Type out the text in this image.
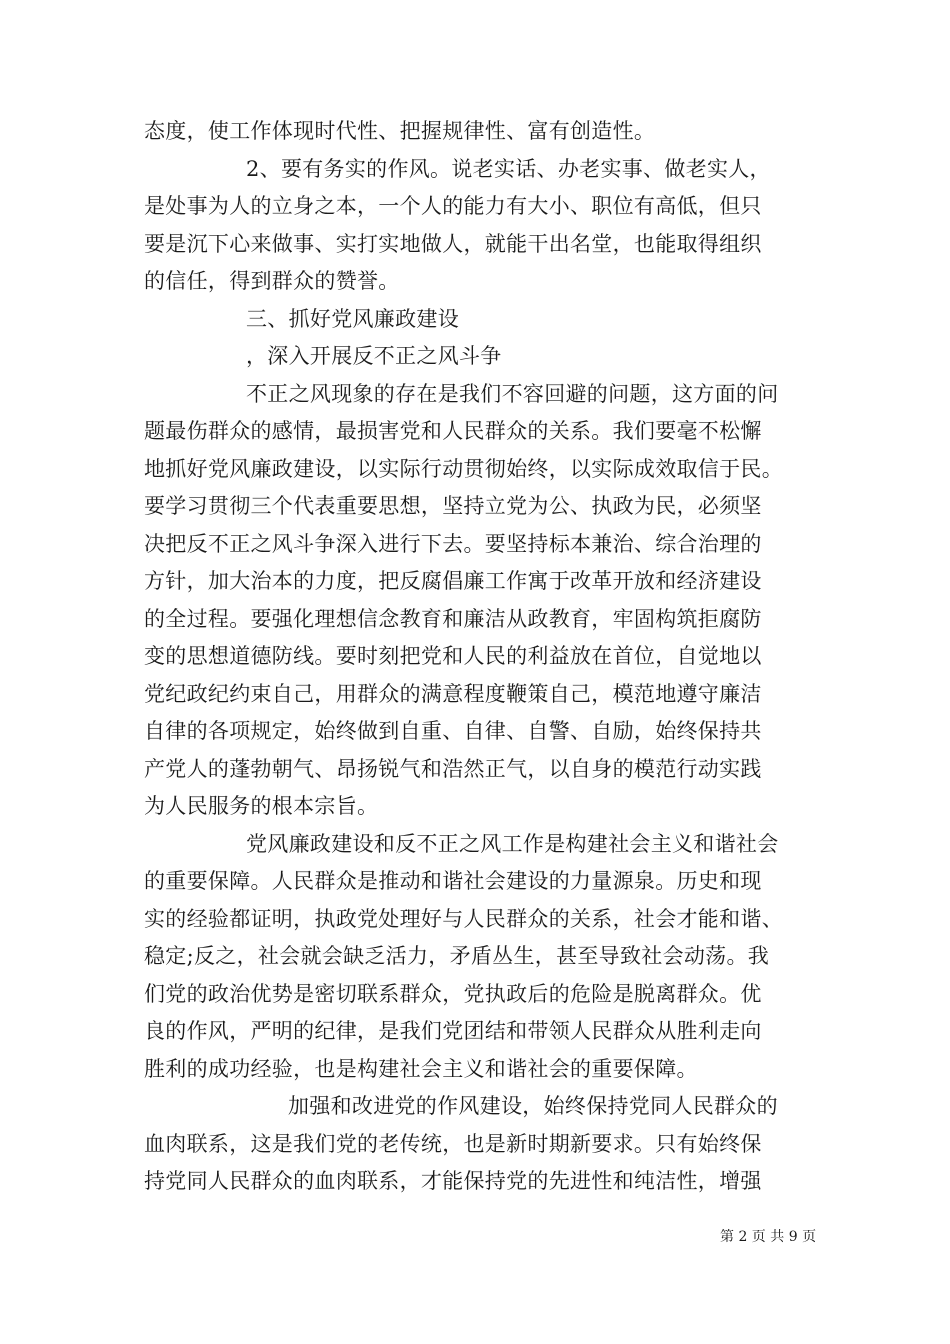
态度，使工作体现时代性、把握规律性、富有创造性。
2、要有务实的作风。说老实话、办老实事、做老实人，
是处事为人的立身之本，一个人的能力有大小、职位有高低，但只
要是沉下心来做事、实打实地做人，就能干出名堂，也能取得组织
的信任，得到群众的赞誉。
三、抓好党风廉政建设
，深入开展反不正之风斗争
不正之风现象的存在是我们不容回避的问题，这方面的问
题最伤群众的感情，最损害党和人民群众的关系。我们要毫不松懈
地抓好党风廉政建设，以实际行动贯彻始终，以实际成效取信于民。
要学习贯彻三个代表重要思想，坚持立党为公、执政为民，必须坚
决把反不正之风斗争深入进行下去。要坚持标本兼治、综合治理的
方针，加大治本的力度，把反腐倡廉工作寓于改革开放和经济建设
的全过程。要强化理想信念教育和廉洁从政教育，牢固构筑拒腐防
变的思想道德防线。要时刻把党和人民的利益放在首位，自觉地以
党纪政纪约束自己，用群众的满意程度鞭策自己，模范地遵守廉洁
自律的各项规定，始终做到自重、自律、自警、自励，始终保持共
产党人的蓬勃朝气、昂扬锐气和浩然正气，以自身的模范行动实践
为人民服务的根本宗旨。
党风廉政建设和反不正之风工作是构建社会主义和谐社会
的重要保障。人民群众是推动和谐社会建设的力量源泉。历史和现
实的经验都证明，执政党处理好与人民群众的关系，社会才能和谐、
稳定;反之，社会就会缺乏活力，矛盾丛生，甚至导致社会动荡。我
们党的政治优势是密切联系群众，党执政后的危险是脱离群众。优
良的作风，严明的纪律，是我们党团结和带领人民群众从胜利走向
胜利的成功经验，也是构建社会主义和谐社会的重要保障。
加强和改进党的作风建设，始终保持党同人民群众的
血肉联系，这是我们党的老传统，也是新时期新要求。只有始终保
持党同人民群众的血肉联系，才能保持党的先进性和纯洁性，增强
第 2 页 共 9 页
